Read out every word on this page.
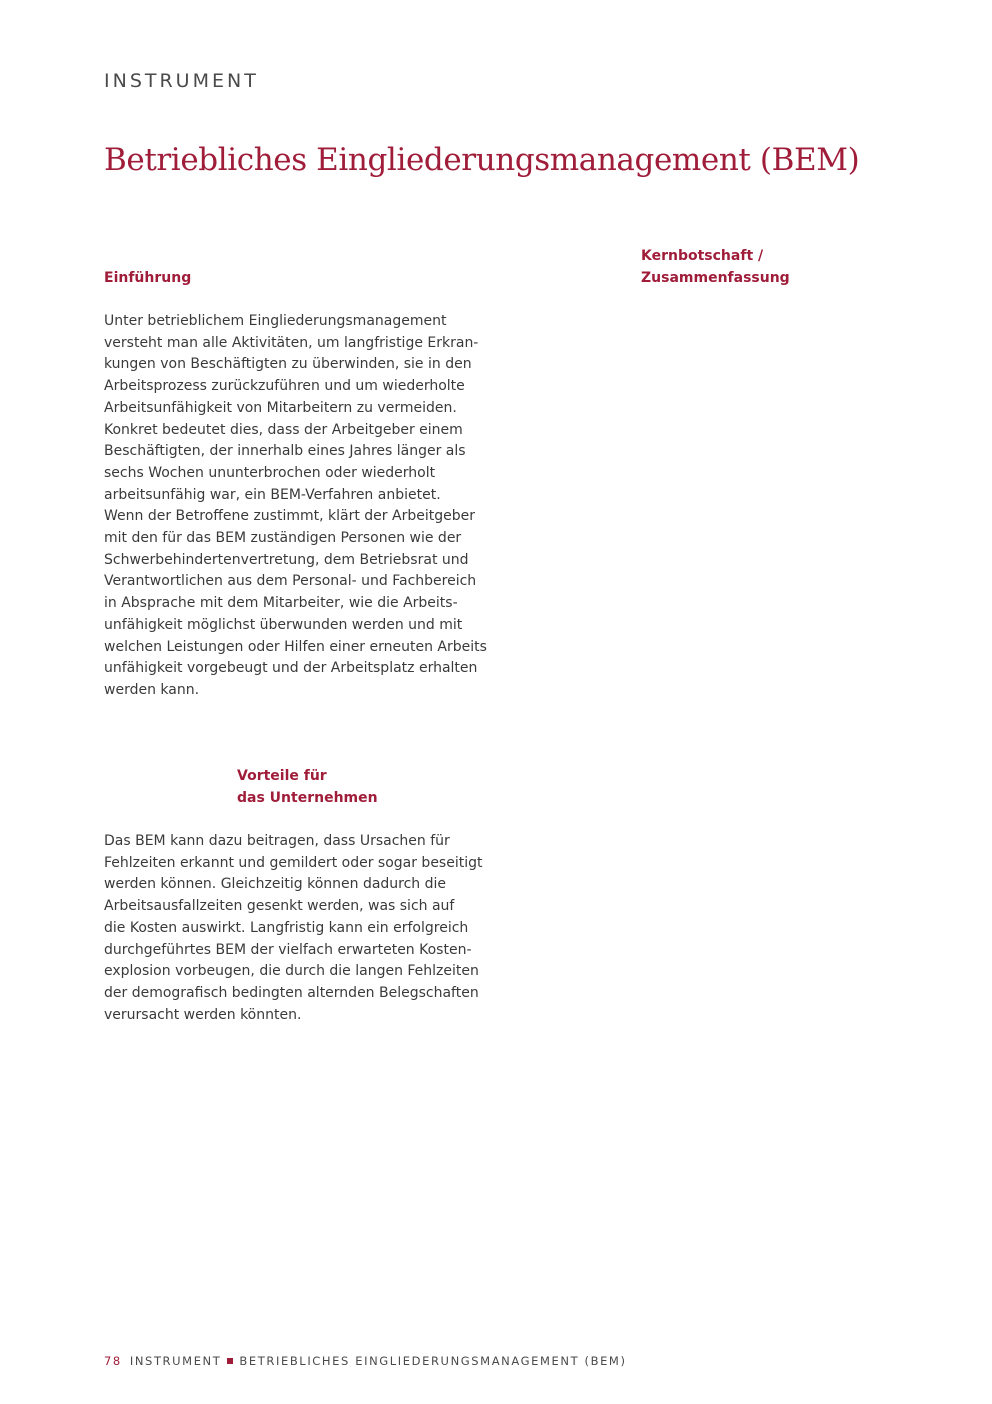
INSTRUMENT
Betriebliches Eingliederungsmanagement (BEM)
Einführung
Kernbotschaft /
Zusammenfassung
Unter betrieblichem Eingliederungsmanagement
versteht man alle Aktivitäten, um langfristige Erkran-
kungen von Beschäftigten zu überwinden, sie in den
Arbeitsprozess zurückzuführen und um wiederholte
Arbeitsunfähigkeit von Mitarbeitern zu vermeiden.
Konkret bedeutet dies, dass der Arbeitgeber einem
Beschäftigten, der innerhalb eines Jahres länger als
sechs Wochen ununterbrochen oder wiederholt
arbeitsunfähig war, ein BEM-Verfahren anbietet.
Wenn der Betroffene zustimmt, klärt der Arbeitgeber
mit den für das BEM zuständigen Personen wie der
Schwerbehindertenvertretung, dem Betriebsrat und
Verantwortlichen aus dem Personal- und Fachbereich
in Absprache mit dem Mitarbeiter, wie die Arbeits-
unfähigkeit möglichst überwunden werden und mit
welchen Leistungen oder Hilfen einer erneuten Arbeits
unfähigkeit vorgebeugt und der Arbeitsplatz erhalten
werden kann.
Vorteile für
das Unternehmen
Das BEM kann dazu beitragen, dass Ursachen für
Fehlzeiten erkannt und gemildert oder sogar beseitigt
werden können. Gleichzeitig können dadurch die
Arbeitsausfallzeiten gesenkt werden, was sich auf
die Kosten auswirkt. Langfristig kann ein erfolgreich
durchgeführtes BEM der vielfach erwarteten Kosten-
explosion vorbeugen, die durch die langen Fehlzeiten
der demografisch bedingten alternden Belegschaften
verursacht werden könnten.
78 INSTRUMENT BETRIEBLICHES EINGLIEDERUNGSMANAGEMENT (BEM)
